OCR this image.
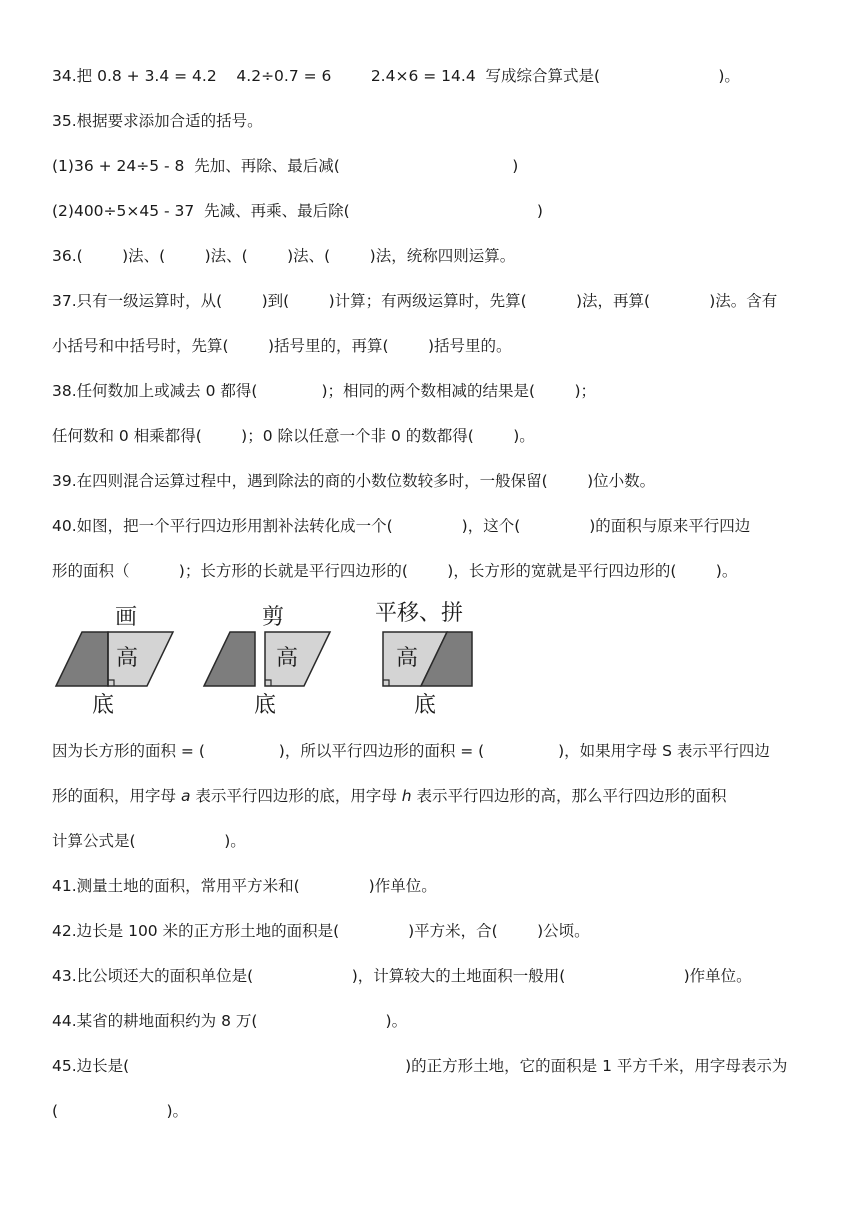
34.把 0.8 + 3.4 = 4.2    4.2÷0.7 = 6        2.4×6 = 14.4  写成综合算式是(                        )。
35.根据要求添加合适的括号。
(1)36 + 24÷5 - 8  先加、再除、最后减(                                   )
(2)400÷5×45 - 37  先减、再乘、最后除(                                      )
36.(        )法、(        )法、(        )法、(        )法，统称四则运算。
37.只有一级运算时，从(        )到(        )计算；有两级运算时，先算(          )法，再算(            )法。含有
小括号和中括号时，先算(        )括号里的，再算(        )括号里的。
38.任何数加上或减去 0 都得(             )；相同的两个数相减的结果是(        )；
任何数和 0 相乘都得(        )；0 除以任意一个非 0 的数都得(        )。
39.在四则混合运算过程中，遇到除法的商的小数位数较多时，一般保留(        )位小数。
40.如图，把一个平行四边形用割补法转化成一个(              )，这个(              )的面积与原来平行四边
形的面积（          )；长方形的长就是平行四边形的(        )，长方形的宽就是平行四边形的(        )。
画
高
底
剪
高
底
平移、拼
高
底
因为长方形的面积 = (               )，所以平行四边形的面积 = (               )，如果用字母 S 表示平行四边
形的面积，用字母 a 表示平行四边形的底，用字母 h 表示平行四边形的高，那么平行四边形的面积
计算公式是(                  )。
41.测量土地的面积，常用平方米和(              )作单位。
42.边长是 100 米的正方形土地的面积是(              )平方米，合(        )公顷。
43.比公顷还大的面积单位是(                    )，计算较大的土地面积一般用(                        )作单位。
44.某省的耕地面积约为 8 万(                          )。
45.边长是(                                                        )的正方形土地，它的面积是 1 平方千米，用字母表示为
(                      )。
